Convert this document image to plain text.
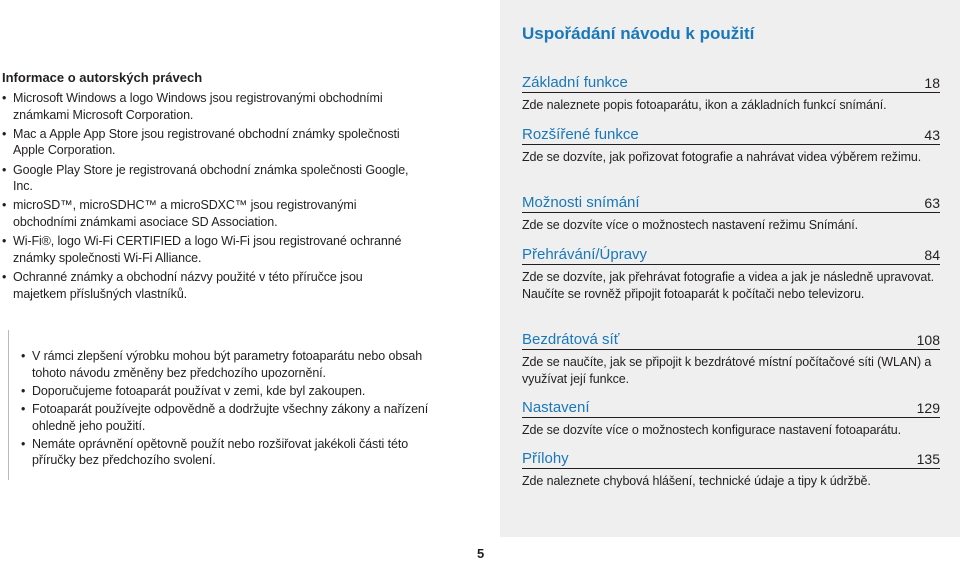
Informace o autorských právech

• Microsoft Windows a logo Windows jsou registrovanými obchodními známkami Microsoft Corporation.
• Mac a Apple App Store jsou registrované obchodní známky společnosti Apple Corporation.
• Google Play Store je registrovaná obchodní známka společnosti Google, Inc.
• microSD™, microSDHC™ a microSDXC™ jsou registrovanými obchodními známkami asociace SD Association.
• Wi-Fi®, logo Wi-Fi CERTIFIED a logo Wi-Fi jsou registrované ochranné známky společnosti Wi-Fi Alliance.
• Ochranné známky a obchodní názvy použité v této příručce jsou majetkem příslušných vlastníků.
• V rámci zlepšení výrobku mohou být parametry fotoaparátu nebo obsah tohoto návodu změněny bez předchozího upozornění.
• Doporučujeme fotoaparát používat v zemi, kde byl zakoupen.
• Fotoaparát používejte odpovědně a dodržujte všechny zákony a nařízení ohledně jeho použití.
• Nemáte oprávnění opětovně použít nebo rozšiřovat jakékoli části této příručky bez předchozího svolení.
Uspořádání návodu k použití
Základní funkce	18
Zde naleznete popis fotoaparátu, ikon a základních funkcí snímání.
Rozšířené funkce	43
Zde se dozvíte, jak pořizovat fotografie a nahrávat videa výběrem režimu.
Možnosti snímání	63
Zde se dozvíte více o možnostech nastavení režimu Snímání.
Přehrávání/Úpravy	84
Zde se dozvíte, jak přehrávat fotografie a videa a jak je následně upravovat. Naučíte se rovněž připojit fotoaparát k počítači nebo televizoru.
Bezdrátová síť	108
Zde se naučíte, jak se připojit k bezdrátové místní počítačové síti (WLAN) a využívat její funkce.
Nastavení	129
Zde se dozvíte více o možnostech konfigurace nastavení fotoaparátu.
Přílohy	135
Zde naleznete chybová hlášení, technické údaje a tipy k údržbě.
5
